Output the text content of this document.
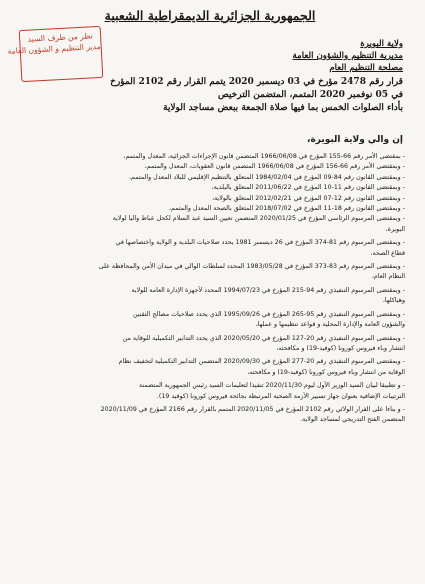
الجمهورية الجزائرية الديمقراطية الشعبية
نظر من طرف السيد
مدير التنظيم و الشؤون العامة	ولاية البويرة
مديرية التنظيم والشؤون العامة
مصلحة التنظيم العام
قرار رقم 2478 مؤرخ في 03 ديسمبر 2020 يتمم القرار رقم 2102 المؤرخ
في 05 نوفمبر 2020 المتمم، المتضمن الترخيص
بأداء الصلوات الخمس بما فيها صلاة الجمعة ببعض مساجد الولاية
إن والي ولاية البويرة،
- بمقتضى الأمر رقم 66-155 المؤرخ في 1966/06/08 المتضمن قانون الإجراءات الجزائية، المعدل والمتمم،
- وبمقتضى الأمر رقم 66-156 المؤرخ في 1966/06/08 المتضمن قانون العقوبات، المعدل والمتمم،
- وبمقتضى القانون رقم 84-09 المؤرخ في 1984/02/04 المتعلق بالتنظيم الإقليمي للبلاد المعدل والمتمم،
- وبمقتضى القانون رقم 11-10 المؤرخ في 2011/06/22 المتعلق بالبلدية،
- وبمقتضى القانون رقم 12-07 المؤرخ في 2012/02/21 المتعلق بالولاية،
- وبمقتضى القانون رقم 18-11 المؤرخ في 2018/07/02 المتعلق بالصحة المعدل والمتمم،
- وبمقتضى المرسوم الرئاسي المؤرخ في 2020/01/25 المتضمن تعيين السيد عبد السلام لكحل عباط واليا لولاية
البويرة،
- وبمقتضى المرسوم رقم 81-374 المؤرخ في 26 ديسمبر 1981 يحدد صلاحيات البلدية و الولاية واختصاصها في
قطاع الصحة،
- وبمقتضى المرسوم رقم 83-373 المؤرخ في 1983/05/28 المحدد لسلطات الوالي في ميدان الأمن والمحافظة على
النظام العام،
- وبمقتضى المرسوم التنفيذي رقم 94-215 المؤرخ في 1994/07/23 المحدد لأجهزة الإدارة العامة للولاية
وهياكلها،
- وبمقتضى المرسوم التنفيذي رقم 95-265 المؤرخ في 1995/09/26 الذي يحدد صلاحيات مصالح التقنين
والشؤون العامة والإدارة المحلية و قواعد تنظيمها و عملها،
- وبمقتضى المرسوم التنفيذي رقم 20-127 المؤرخ في 2020/05/20 الذي يحدد التدابير التكميلية للوقاية من
انتشار وباء فيروس كورونا (كوفيد-19) و مكافحته،
- وبمقتضى المرسوم التنفيذي رقم 20-277 المؤرخ في 2020/09/30 المتضمن التدابير التكميلية لتخفيف نظام
الوقاية من انتشار وباء فيروس كورونا (كوفيد-19) و مكافحته،
- و تطبيقا لبيان السيد الوزير الأول ليوم 2020/11/30 تنفيذا لتعليمات السيد رئيس الجمهورية المتضمنة
الترتيبات الإضافية بعنوان جهاز تسيير الأزمة الصحية المرتبطة بجائحة فيروس كورونا (كوفيد 19).
- و بناءا على القرار الولائي رقم 2102 المؤرخ في 2020/11/05 المتمم بالقرار رقم 2166 المؤرخ في 2020/11/09
المتضمن الفتح التدريجي لمساجد الولاية.
